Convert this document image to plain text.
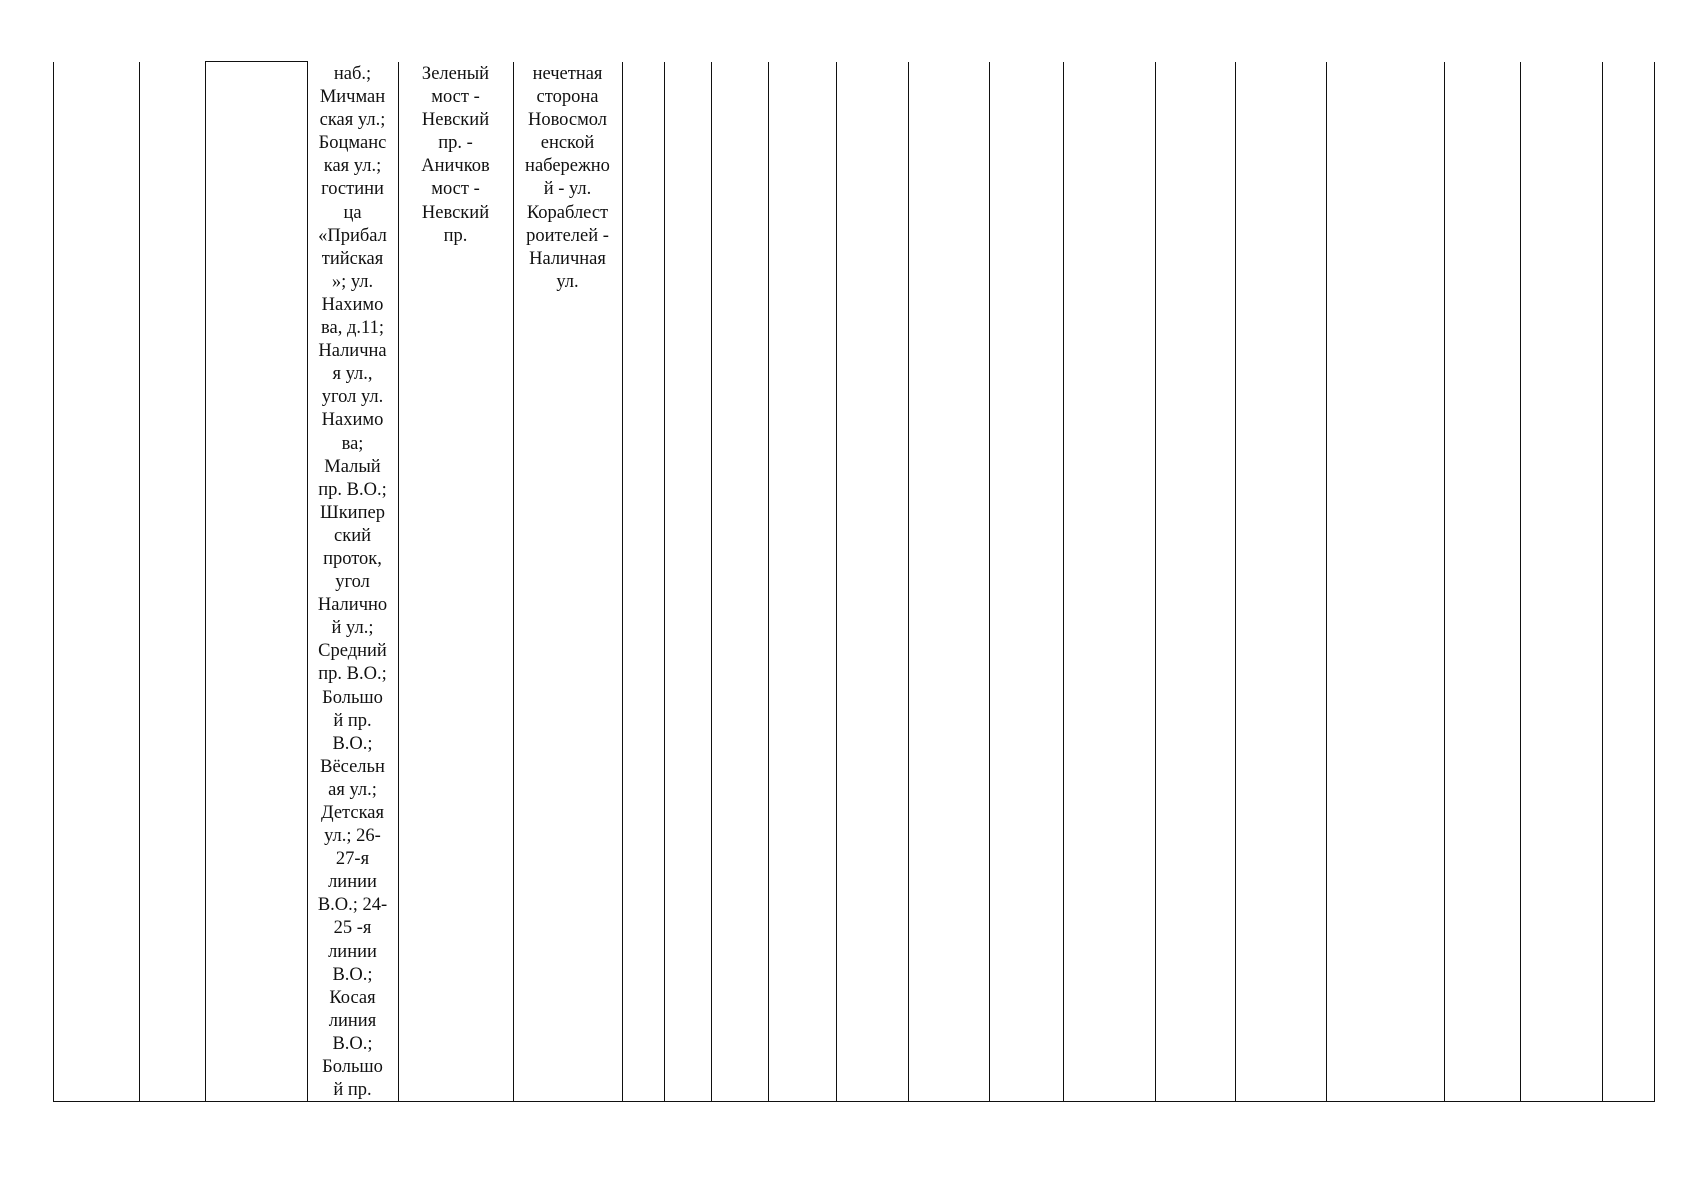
наб.;
Мичман
ская ул.;
Боцманс
кая ул.;
гостини
ца
«Прибал
тийская
»; ул.
Нахимо
ва, д.11;
Налична
я ул.,
угол ул.
Нахимо
ва;
Малый
пр. В.О.;
Шкипер
ский
проток,
угол
Налично
й ул.;
Средний
пр. В.О.;
Большо
й пр.
В.О.;
Вёсельн
ая ул.;
Детская
ул.; 26-
27-я
линии
В.О.; 24-
25 -я
линии
В.О.;
Косая
линия
В.О.;
Большо
й пр.
Зеленый
мост -
Невский
пр. -
Аничков
мост -
Невский
пр.
нечетная
сторона
Новосмол
енской
набережно
й - ул.
Кораблест
роителей -
Наличная
ул.
